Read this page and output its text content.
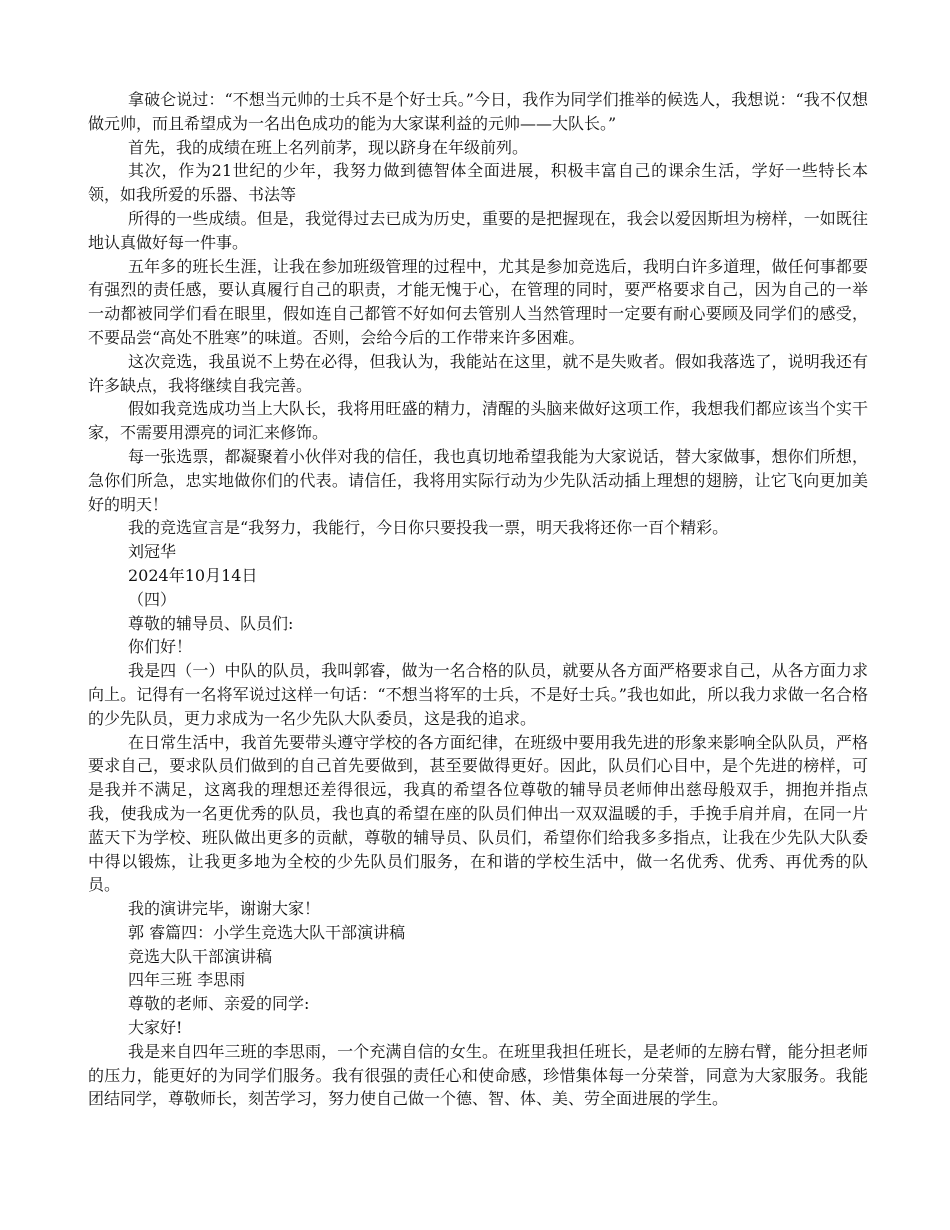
拿破仑说过：“不想当元帅的士兵不是个好士兵。”今日，我作为同学们推举的候选人，我想说：“我不仅想做元帅，而且希望成为一名出色成功的能为大家谋利益的元帅——大队长。”

首先，我的成绩在班上名列前茅，现以跻身在年级前列。

其次，作为21世纪的少年，我努力做到德智体全面进展，积极丰富自己的课余生活，学好一些特长本领，如我所爱的乐器、书法等

所得的一些成绩。但是，我觉得过去已成为历史，重要的是把握现在，我会以爱因斯坦为榜样，一如既往地认真做好每一件事。

五年多的班长生涯，让我在参加班级管理的过程中，尤其是参加竞选后，我明白许多道理，做任何事都要有强烈的责任感，要认真履行自己的职责，才能无愧于心，在管理的同时，要严格要求自己，因为自己的一举一动都被同学们看在眼里，假如连自己都管不好如何去管别人当然管理时一定要有耐心要顾及同学们的感受，不要品尝“高处不胜寒”的味道。否则，会给今后的工作带来许多困难。

这次竞选，我虽说不上势在必得，但我认为，我能站在这里，就不是失败者。假如我落选了，说明我还有许多缺点，我将继续自我完善。

假如我竞选成功当上大队长，我将用旺盛的精力，清醒的头脑来做好这项工作，我想我们都应该当个实干家，不需要用漂亮的词汇来修饰。

每一张选票，都凝聚着小伙伴对我的信任，我也真切地希望我能为大家说话，替大家做事，想你们所想，急你们所急，忠实地做你们的代表。请信任，我将用实际行动为少先队活动插上理想的翅膀，让它飞向更加美好的明天！

我的竞选宣言是“我努力，我能行，今日你只要投我一票，明天我将还你一百个精彩。

刘冠华

2024年10月14日

（四）

尊敬的辅导员、队员们:

你们好！

我是四（一）中队的队员，我叫郭睿，做为一名合格的队员，就要从各方面严格要求自己，从各方面力求向上。记得有一名将军说过这样一句话：“不想当将军的士兵，不是好士兵。”我也如此，所以我力求做一名合格的少先队员，更力求成为一名少先队大队委员，这是我的追求。

在日常生活中，我首先要带头遵守学校的各方面纪律，在班级中要用我先进的形象来影响全队队员，严格要求自己，要求队员们做到的自己首先要做到，甚至要做得更好。因此，队员们心目中，是个先进的榜样，可是我并不满足，这离我的理想还差得很远，我真的希望各位尊敬的辅导员老师伸出慈母般双手，拥抱并指点我，使我成为一名更优秀的队员，我也真的希望在座的队员们伸出一双双温暖的手，手挽手肩并肩，在同一片蓝天下为学校、班队做出更多的贡献，尊敬的辅导员、队员们，希望你们给我多多指点，让我在少先队大队委中得以锻炼，让我更多地为全校的少先队员们服务，在和谐的学校生活中，做一名优秀、优秀、再优秀的队员。

我的演讲完毕，谢谢大家！

郭 睿篇四：小学生竞选大队干部演讲稿

竞选大队干部演讲稿

四年三班 李思雨

尊敬的老师、亲爱的同学:

大家好!

我是来自四年三班的李思雨，一个充满自信的女生。在班里我担任班长，是老师的左膀右臂，能分担老师的压力，能更好的为同学们服务。我有很强的责任心和使命感，珍惜集体每一分荣誉，同意为大家服务。我能团结同学，尊敬师长，刻苦学习，努力使自己做一个德、智、体、美、劳全面进展的学生。
